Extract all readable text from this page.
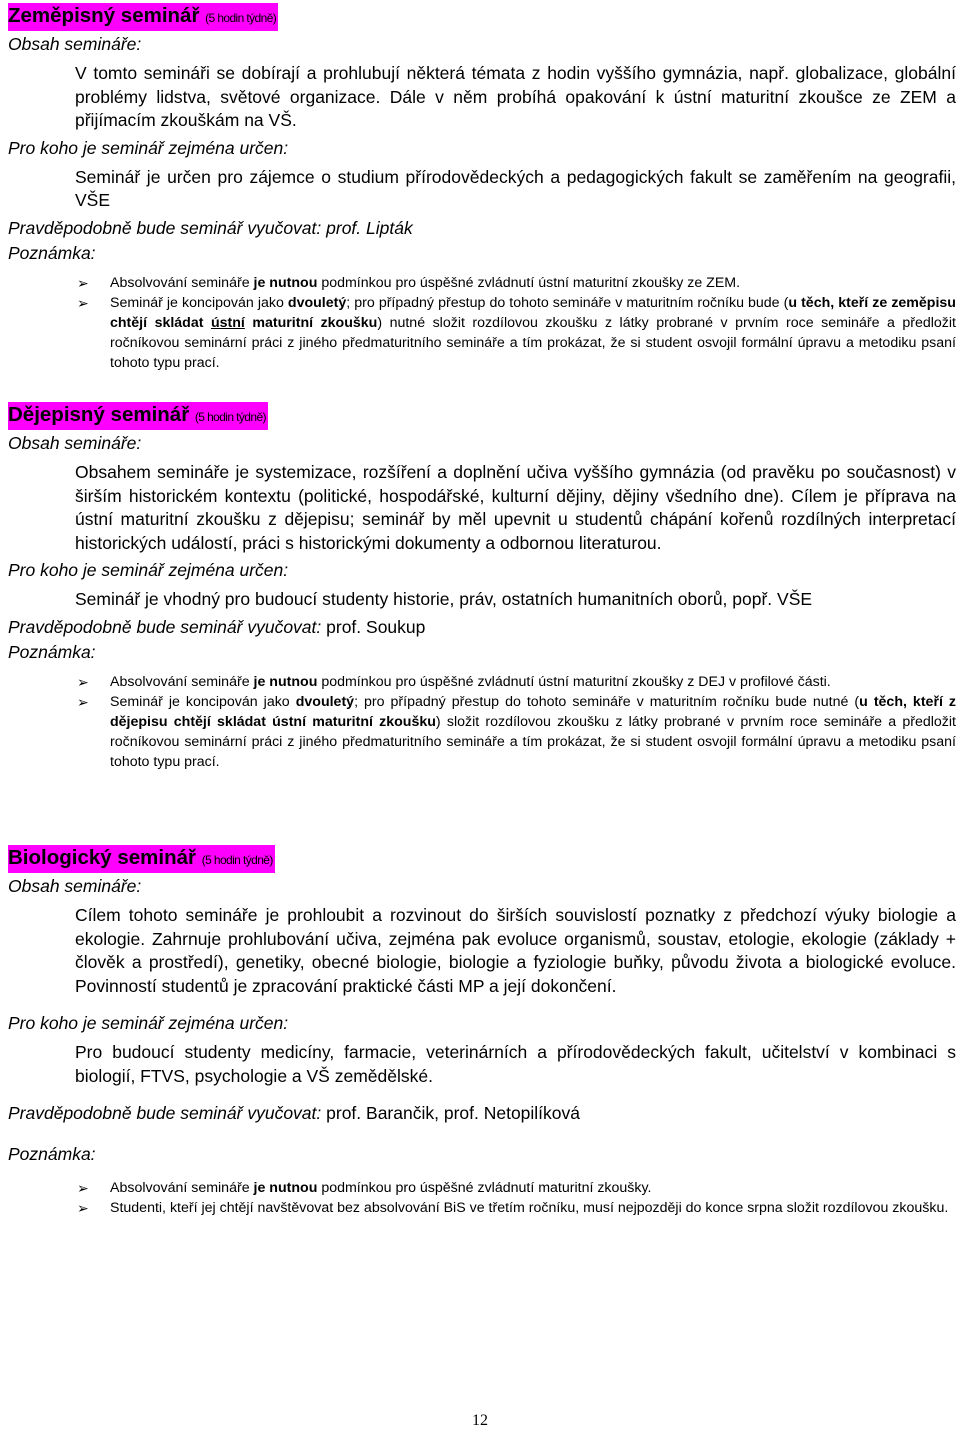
Zeměpisný seminář (5 hodin týdně)
Obsah semináře:
V tomto semináři se dobírají a prohlubují některá témata z hodin vyššího gymnázia, např. globalizace, globální problémy lidstva, světové organizace. Dále v něm probíhá opakování k ústní maturitní zkoušce ze ZEM a přijímacím zkouškám na VŠ.
Pro koho je seminář zejména určen:
Seminář je určen pro zájemce o studium přírodovědeckých a pedagogických fakult se zaměřením na geografii, VŠE
Pravděpodobně bude seminář vyučovat: prof. Lipták
Poznámka:
➢ Absolvování semináře je nutnou podmínkou pro úspěšné zvládnutí ústní maturitní zkoušky ze ZEM.
➢ Seminář je koncipován jako dvouletý; pro případný přestup do tohoto semináře v maturitním ročníku bude (u těch, kteří ze zeměpisu chtějí skládat ústní maturitní zkoušku) nutné složit rozdílovou zkoušku z látky probrané v prvním roce semináře a předložit ročníkovou seminární práci z jiného předmaturitního semináře a tím prokázat, že si student osvojil formální úpravu a metodiku psaní tohoto typu prací.
Dějepisný seminář (5 hodin týdně)
Obsah semináře:
Obsahem semináře je systemizace, rozšíření a doplnění učiva vyššího gymnázia (od pravěku po současnost) v širším historickém kontextu (politické, hospodářské, kulturní dějiny, dějiny všedního dne). Cílem je příprava na ústní maturitní zkoušku z dějepisu; seminář by měl upevnit u studentů chápání kořenů rozdílných interpretací historických událostí, práci s historickými dokumenty a odbornou literaturou.
Pro koho je seminář zejména určen:
Seminář je vhodný pro budoucí studenty historie, práv, ostatních humanitních oborů, popř. VŠE
Pravděpodobně bude seminář vyučovat: prof. Soukup
Poznámka:
➢ Absolvování semináře je nutnou podmínkou pro úspěšné zvládnutí ústní maturitní zkoušky z DEJ v profilové části.
➢ Seminář je koncipován jako dvouletý; pro případný přestup do tohoto semináře v maturitním ročníku bude nutné (u těch, kteří z dějepisu chtějí skládat ústní maturitní zkoušku) složit rozdílovou zkoušku z látky probrané v prvním roce semináře a předložit ročníkovou seminární práci z jiného předmaturitního semináře a tím prokázat, že si student osvojil formální úpravu a metodiku psaní tohoto typu prací.
Biologický seminář (5 hodin týdně)
Obsah semináře:
Cílem tohoto semináře je prohloubit a rozvinout do širších souvislostí poznatky z předchozí výuky biologie a ekologie. Zahrnuje prohlubování učiva, zejména pak evoluce organismů, soustav, etologie, ekologie (základy + člověk a prostředí), genetiky, obecné biologie, biologie a fyziologie buňky, původu života a biologické evoluce. Povinností studentů je zpracování praktické části MP a její dokončení.
Pro koho je seminář zejména určen:
Pro budoucí studenty medicíny, farmacie, veterinárních a přírodovědeckých fakult, učitelství v kombinaci s biologií, FTVS, psychologie a VŠ zemědělské.
Pravděpodobně bude seminář vyučovat: prof. Barančik, prof. Netopilíková
Poznámka:
➢ Absolvování semináře je nutnou podmínkou pro úspěšné zvládnutí maturitní zkoušky.
➢ Studenti, kteří jej chtějí navštěvovat bez absolvování BiS ve třetím ročníku, musí nejpozději do konce srpna složit rozdílovou zkoušku.
12
